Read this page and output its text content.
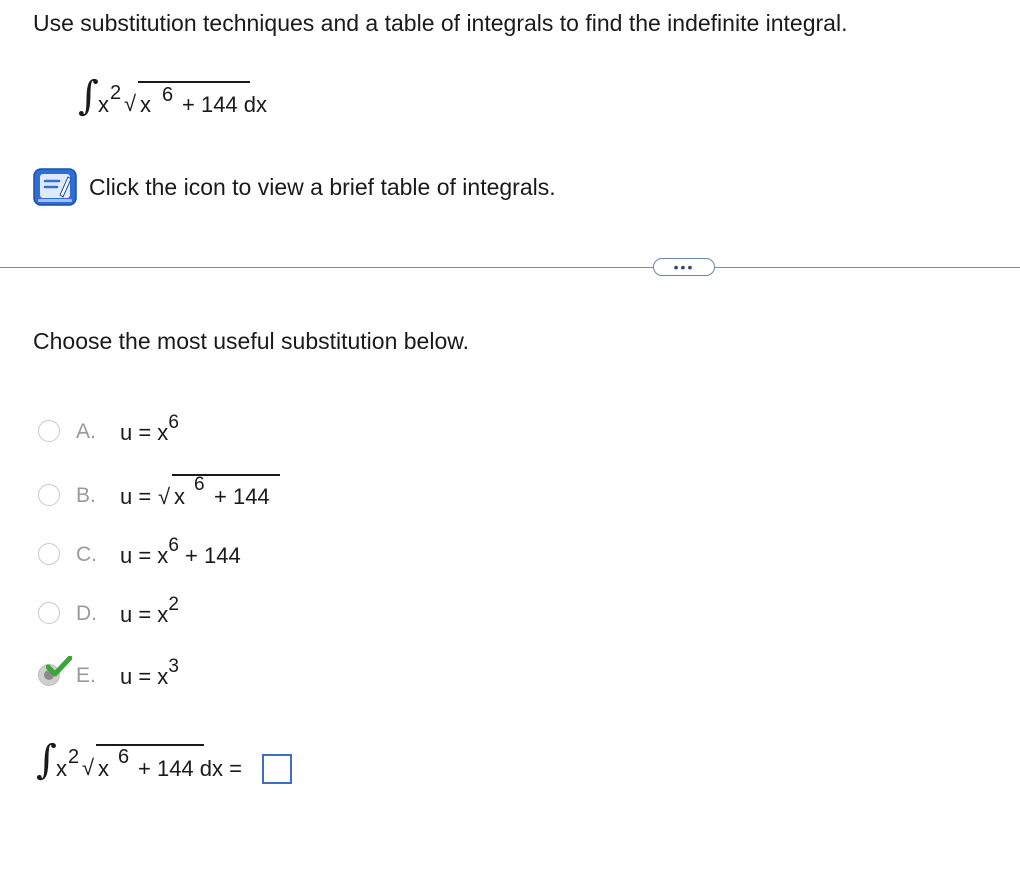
Use substitution techniques and a table of integrals to find the indefinite integral.
∫ x 2 √ x 6 + 144 dx
Click the icon to view a brief table of integrals.
•••
Choose the most useful substitution below.
A. u = x6
B. u = √ x 6 + 144
C. u = x6 + 144
D. u = x2
E. u = x3
∫ x 2 √ x 6 + 144 dx =
